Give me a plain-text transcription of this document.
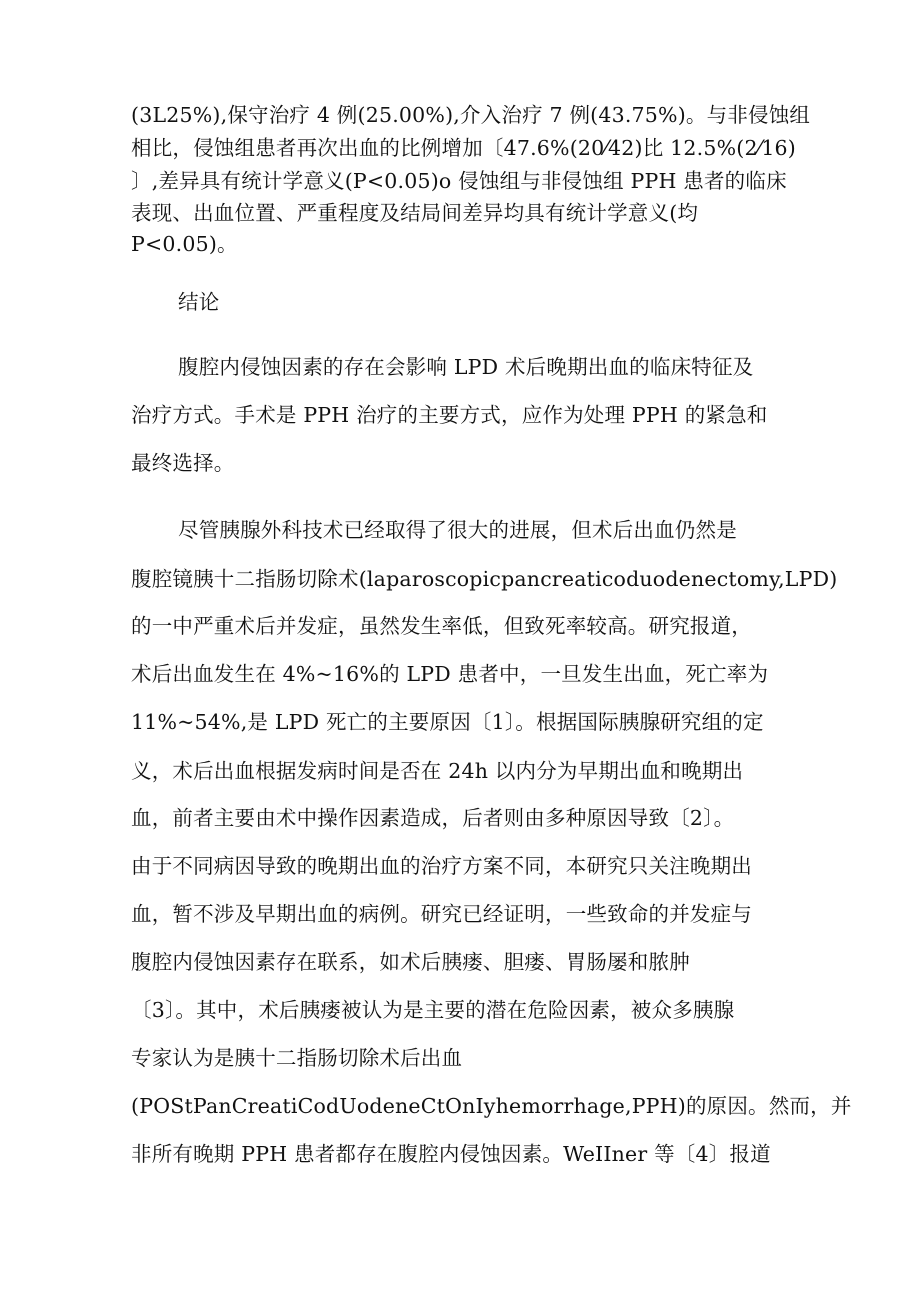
(3L25%),保守治疗 4 例(25.00%),介入治疗 7 例(43.75%)。与非侵蚀组
相比，侵蚀组患者再次出血的比例增加〔47.6%(20⁄42)比 12.5%(2⁄16)
〕,差异具有统计学意义(P<0.05)o 侵蚀组与非侵蚀组 PPH 患者的临床
表现、出血位置、严重程度及结局间差异均具有统计学意义(均
P<0.05)。
结论
腹腔内侵蚀因素的存在会影响 LPD 术后晚期出血的临床特征及
治疗方式。手术是 PPH 治疗的主要方式，应作为处理 PPH 的紧急和
最终选择。
尽管胰腺外科技术已经取得了很大的进展，但术后出血仍然是
腹腔镜胰十二指肠切除术(laparoscopicpancreaticoduodenectomy,LPD)
的一中严重术后并发症，虽然发生率低，但致死率较高。研究报道，
术后出血发生在 4%~16%的 LPD 患者中，一旦发生出血，死亡率为
11%~54%,是 LPD 死亡的主要原因〔1〕。根据国际胰腺研究组的定
义，术后出血根据发病时间是否在 24h 以内分为早期出血和晚期出
血，前者主要由术中操作因素造成，后者则由多种原因导致〔2〕。
由于不同病因导致的晚期出血的治疗方案不同，本研究只关注晚期出
血，暂不涉及早期出血的病例。研究已经证明，一些致命的并发症与
腹腔内侵蚀因素存在联系，如术后胰瘘、胆瘘、胃肠屡和脓肿
〔3〕。其中，术后胰瘘被认为是主要的潜在危险因素，被众多胰腺
专家认为是胰十二指肠切除术后出血
(POStPanCreatiCodUodeneCtOnIyhemorrhage,PPH)的原因。然而，并
非所有晚期 PPH 患者都存在腹腔内侵蚀因素。WeIIner 等〔4〕报道
